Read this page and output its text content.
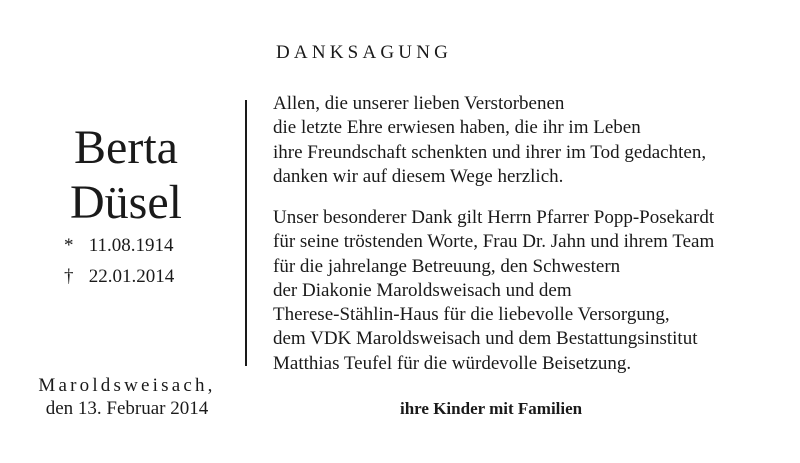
DANKSAGUNG
Berta
Düsel
* 11.08.1914
† 22.01.2014
Allen, die unserer lieben Verstorbenen
die letzte Ehre erwiesen haben, die ihr im Leben
ihre Freundschaft schenkten und ihrer im Tod gedachten,
danken wir auf diesem Wege herzlich.
Unser besonderer Dank gilt Herrn Pfarrer Popp-Posekardt
für seine tröstenden Worte, Frau Dr. Jahn und ihrem Team
für die jahrelange Betreuung, den Schwestern
der Diakonie Maroldsweisach und dem
Therese-Stählin-Haus für die liebevolle Versorgung,
dem VDK Maroldsweisach und dem Bestattungsinstitut
Matthias Teufel für die würdevolle Beisetzung.
Maroldsweisach,
den 13. Februar 2014	ihre Kinder mit Familien
